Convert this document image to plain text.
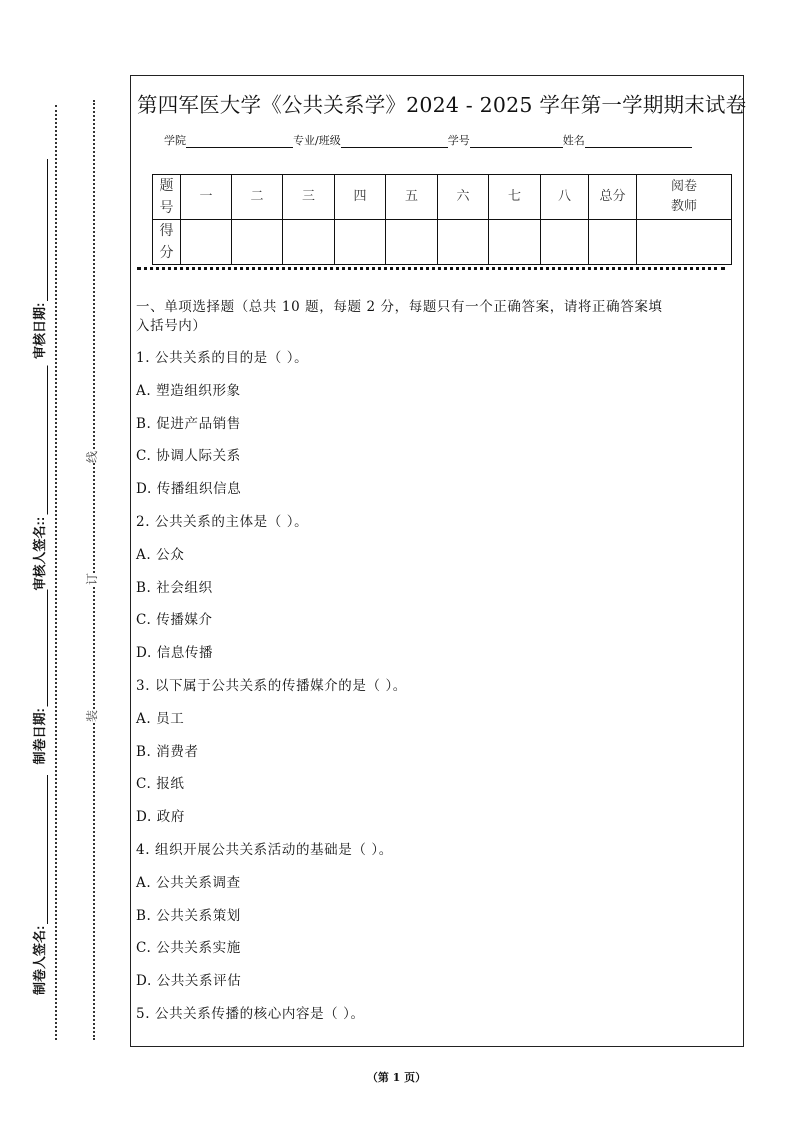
审核日期:
审核人签名::
制卷日期:
制卷人签名:
线
订
装
第四军医大学《公共关系学》2024 - 2025 学年第一学期期末试卷
学院	专业/班级	学号	姓名
题号	一	二	三	四	五	六	七	八	总分	阅卷教师
得分										
一、单项选择题（总共 10 题，每题 2 分，每题只有一个正确答案，请将正确答案填
入括号内）
1. 公共关系的目的是（ ）。
A. 塑造组织形象
B. 促进产品销售
C. 协调人际关系
D. 传播组织信息
2. 公共关系的主体是（ ）。
A. 公众
B. 社会组织
C. 传播媒介
D. 信息传播
3. 以下属于公共关系的传播媒介的是（ ）。
A. 员工
B. 消费者
C. 报纸
D. 政府
4. 组织开展公共关系活动的基础是（ ）。
A. 公共关系调查
B. 公共关系策划
C. 公共关系实施
D. 公共关系评估
5. 公共关系传播的核心内容是（ ）。
（第 1 页）
